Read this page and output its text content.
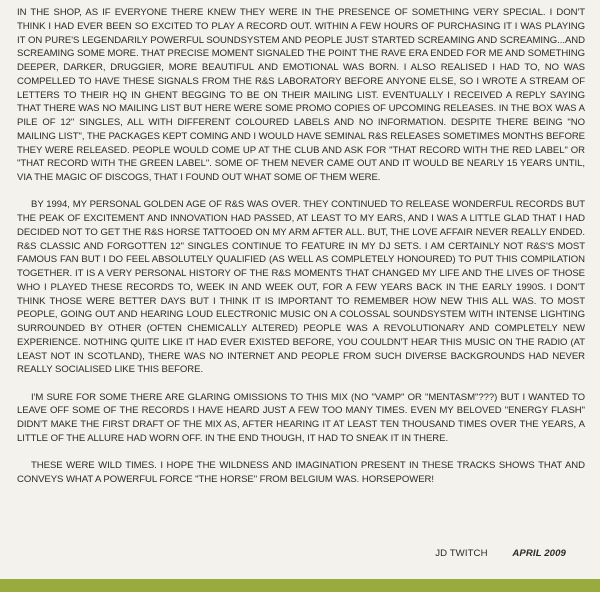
IN THE SHOP, AS IF EVERYONE THERE KNEW THEY WERE IN THE PRESENCE OF SOMETHING VERY SPECIAL. I DON'T THINK I HAD EVER BEEN SO EXCITED TO PLAY A RECORD OUT. WITHIN A FEW HOURS OF PURCHASING IT I WAS PLAYING IT ON PURE'S LEGENDARILY POWERFUL SOUNDSYSTEM AND PEOPLE JUST STARTED SCREAMING AND SCREAMING...AND SCREAMING SOME MORE. THAT PRECISE MOMENT SIGNALED THE POINT THE RAVE ERA ENDED FOR ME AND SOMETHING DEEPER, DARKER, DRUGGIER, MORE BEAUTIFUL AND EMOTIONAL WAS BORN. I ALSO REALISED I HAD TO, NO WAS COMPELLED TO HAVE THESE SIGNALS FROM THE R&S LABORATORY BEFORE ANYONE ELSE, SO I WROTE A STREAM OF LETTERS TO THEIR HQ IN GHENT BEGGING TO BE ON THEIR MAILING LIST. EVENTUALLY I RECEIVED A REPLY SAYING THAT THERE WAS NO MAILING LIST BUT HERE WERE SOME PROMO COPIES OF UPCOMING RELEASES. IN THE BOX WAS A PILE OF 12" SINGLES, ALL WITH DIFFERENT COLOURED LABELS AND NO INFORMATION. DESPITE THERE BEING "NO MAILING LIST", THE PACKAGES KEPT COMING AND I WOULD HAVE SEMINAL R&S RELEASES SOMETIMES MONTHS BEFORE THEY WERE RELEASED. PEOPLE WOULD COME UP AT THE CLUB AND ASK FOR "THAT RECORD WITH THE RED LABEL" OR "THAT RECORD WITH THE GREEN LABEL". SOME OF THEM NEVER CAME OUT AND IT WOULD BE NEARLY 15 YEARS UNTIL, VIA THE MAGIC OF DISCOGS, THAT I FOUND OUT WHAT SOME OF THEM WERE.

BY 1994, MY PERSONAL GOLDEN AGE OF R&S WAS OVER. THEY CONTINUED TO RELEASE WONDERFUL RECORDS BUT THE PEAK OF EXCITEMENT AND INNOVATION HAD PASSED, AT LEAST TO MY EARS, AND I WAS A LITTLE GLAD THAT I HAD DECIDED NOT TO GET THE R&S HORSE TATTOOED ON MY ARM AFTER ALL. BUT, THE LOVE AFFAIR NEVER REALLY ENDED. R&S CLASSIC AND FORGOTTEN 12" SINGLES CONTINUE TO FEATURE IN MY DJ SETS. I AM CERTAINLY NOT R&S'S MOST FAMOUS FAN BUT I DO FEEL ABSOLUTELY QUALIFIED (AS WELL AS COMPLETELY HONOURED) TO PUT THIS COMPILATION TOGETHER. IT IS A VERY PERSONAL HISTORY OF THE R&S MOMENTS THAT CHANGED MY LIFE AND THE LIVES OF THOSE WHO I PLAYED THESE RECORDS TO, WEEK IN AND WEEK OUT, FOR A FEW YEARS BACK IN THE EARLY 1990S. I DON'T THINK THOSE WERE BETTER DAYS BUT I THINK IT IS IMPORTANT TO REMEMBER HOW NEW THIS ALL WAS. TO MOST PEOPLE, GOING OUT AND HEARING LOUD ELECTRONIC MUSIC ON A COLOSSAL SOUNDSYSTEM WITH INTENSE LIGHTING SURROUNDED BY OTHER (OFTEN CHEMICALLY ALTERED) PEOPLE WAS A REVOLUTIONARY AND COMPLETELY NEW EXPERIENCE. NOTHING QUITE LIKE IT HAD EVER EXISTED BEFORE, YOU COULDN'T HEAR THIS MUSIC ON THE RADIO (AT LEAST NOT IN SCOTLAND), THERE WAS NO INTERNET AND PEOPLE FROM SUCH DIVERSE BACKGROUNDS HAD NEVER REALLY SOCIALISED LIKE THIS BEFORE.

I'M SURE FOR SOME THERE ARE GLARING OMISSIONS TO THIS MIX (NO "VAMP" OR "MENTASM"???) BUT I WANTED TO LEAVE OFF SOME OF THE RECORDS I HAVE HEARD JUST A FEW TOO MANY TIMES. EVEN MY BELOVED "ENERGY FLASH" DIDN'T MAKE THE FIRST DRAFT OF THE MIX AS, AFTER HEARING IT AT LEAST TEN THOUSAND TIMES OVER THE YEARS, A LITTLE OF THE ALLURE HAD WORN OFF. IN THE END THOUGH, IT HAD TO SNEAK IT IN THERE.

THESE WERE WILD TIMES. I HOPE THE WILDNESS AND IMAGINATION PRESENT IN THESE TRACKS SHOWS THAT AND CONVEYS WHAT A POWERFUL FORCE "THE HORSE" FROM BELGIUM WAS. HORSEPOWER!

JD TWITCH	APRIL 2009
